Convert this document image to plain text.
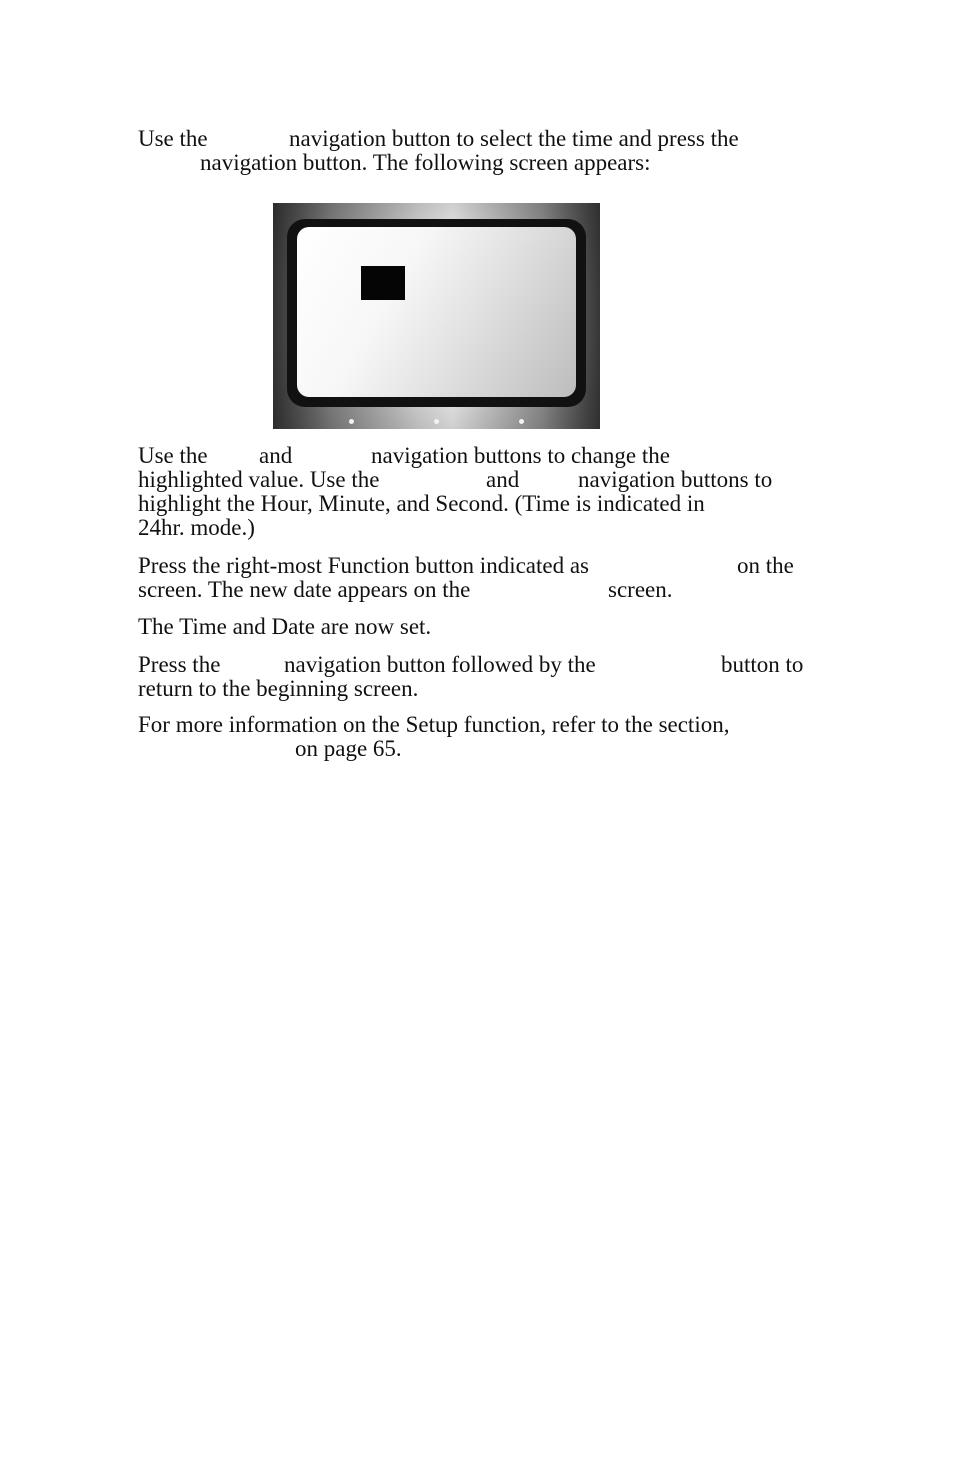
Use the	navigation button to select the time and press the
navigation button. The following screen appears:
Use the and	navigation buttons to change the
highlighted value. Use the	and	navigation buttons to
highlight the Hour, Minute, and Second. (Time is indicated in
24hr. mode.)
Press the right-most Function button indicated as	on the
screen. The new date appears on the	screen.
The Time and Date are now set.
Press the	navigation button followed by the	button to
return to the beginning screen.
For more information on the Setup function, refer to the section,
on page 65.
